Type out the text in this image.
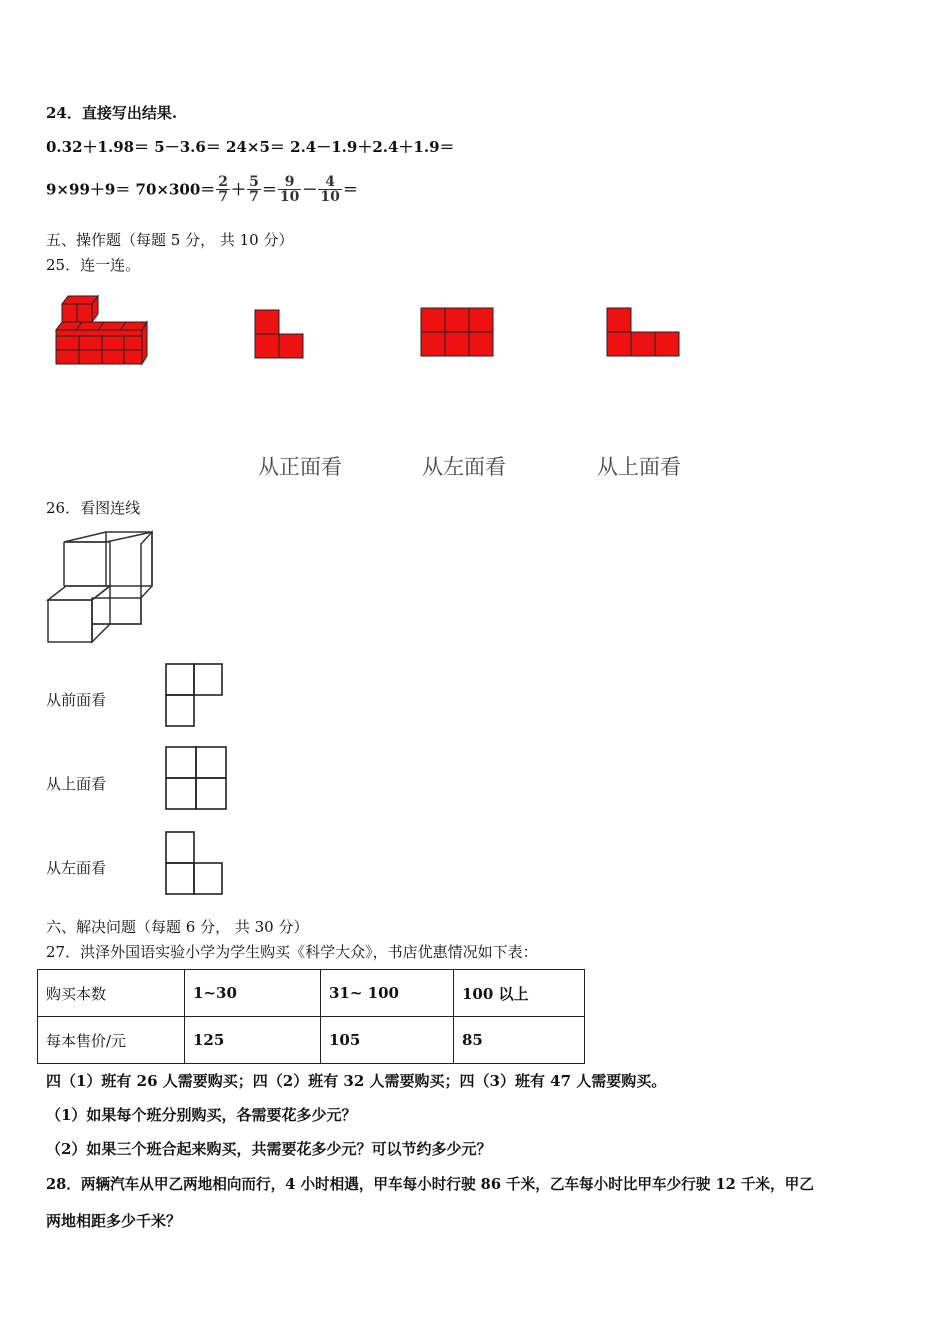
24．直接写出结果.
0.32＋1.98＝ 5－3.6＝ 24×5＝ 2.4－1.9＋2.4＋1.9＝
$9\times 99+9= 70\times 300= \frac{2}{7} + \frac{5}{7} = \frac{9}{10} - \frac{4}{10}$ ＝
五、操作题（每题 5 分， 共 10 分）
25．连一连。
从正面看	从左面看	从上面看
26．看图连线
从前面看
从上面看
从左面看
六、解决问题（每题 6 分， 共 30 分）
27．洪泽外国语实验小学为学生购买《科学大众》，书店优惠情况如下表：
购买本数	1~30	31~ 100	100 以上
每本售价/元	125	105	85
四（1）班有 26 人需要购买；四（2）班有 32 人需要购买；四（3）班有 47 人需要购买。
（1）如果每个班分别购买，各需要花多少元？
（2）如果三个班合起来购买，共需要花多少元？可以节约多少元？
28．两辆汽车从甲乙两地相向而行，4 小时相遇，甲车每小时行驶 86 千米，乙车每小时比甲车少行驶 12 千米，甲乙
两地相距多少千米？
